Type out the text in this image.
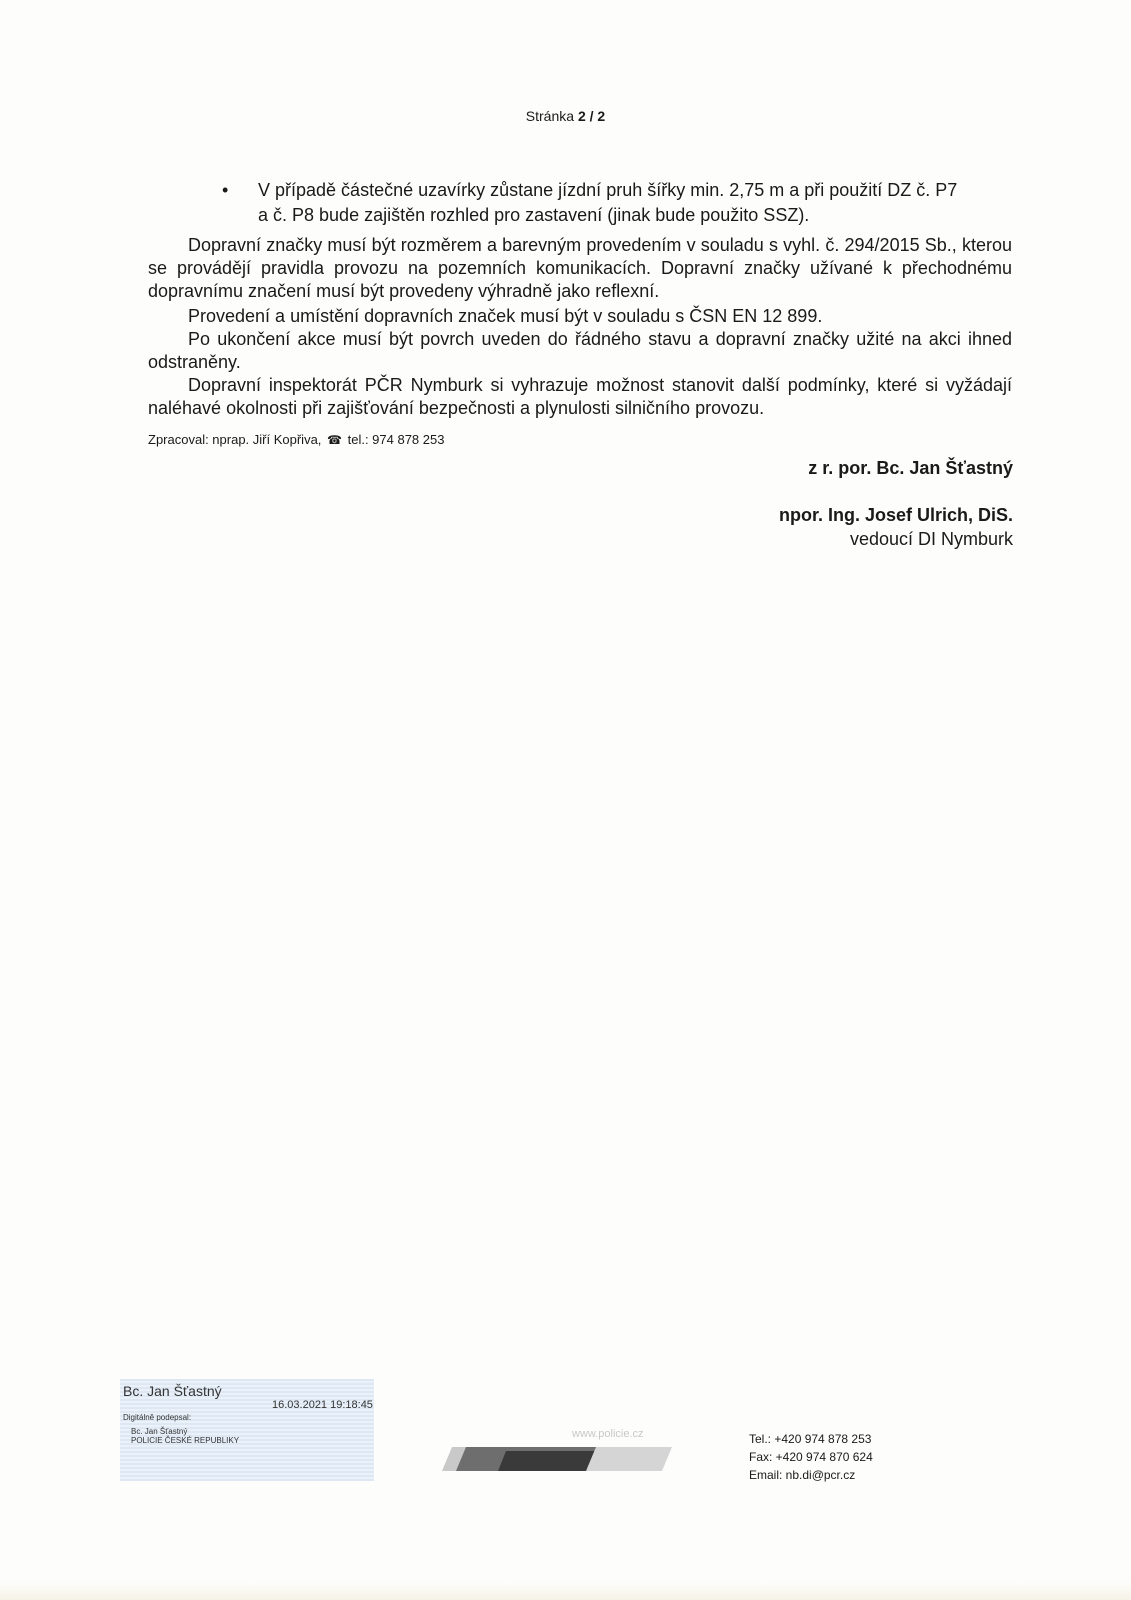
Stránka 2 / 2
• V případě částečné uzavírky zůstane jízdní pruh šířky min. 2,75 m a při použití DZ č. P7
a č. P8 bude zajištěn rozhled pro zastavení (jinak bude použito SSZ).
Dopravní značky musí být rozměrem a barevným provedením v souladu s vyhl. č. 294/2015 Sb., kterou se provádějí pravidla provozu na pozemních komunikacích. Dopravní značky užívané k přechodnému dopravnímu značení musí být provedeny výhradně jako reflexní.
Provedení a umístění dopravních značek musí být v souladu s ČSN EN 12 899.
Po ukončení akce musí být povrch uveden do řádného stavu a dopravní značky užité na akci ihned odstraněny.
Dopravní inspektorát PČR Nymburk si vyhrazuje možnost stanovit další podmínky, které si vyžádají naléhavé okolnosti při zajišťování bezpečnosti a plynulosti silničního provozu.
Zpracoval: nprap. Jiří Kopřiva, ☎ tel.: 974 878 253
z r. por. Bc. Jan Šťastný
npor. Ing. Josef Ulrich, DiS.
vedoucí DI Nymburk
Bc. Jan Šťastný
16.03.2021 19:18:45
Digitálně podepsal:
Bc. Jan Šťastný
POLICIE ČESKÉ REPUBLIKY
www.policie.cz	Tel.: +420 974 878 253
Fax: +420 974 870 624
Email: nb.di@pcr.cz
